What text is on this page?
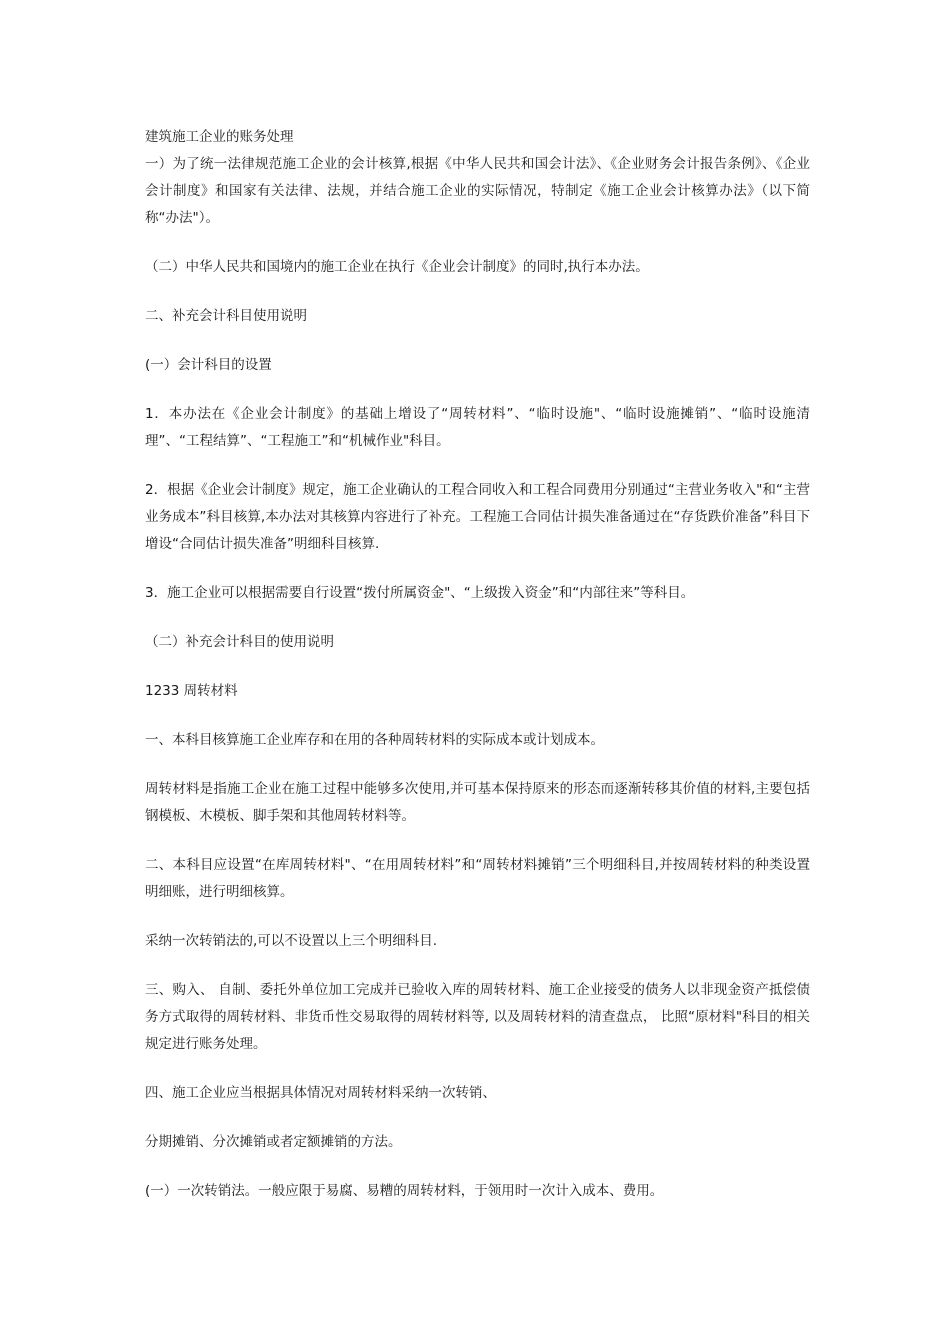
建筑施工企业的账务处理

一）为了统一法律规范施工企业的会计核算,根据《中华人民共和国会计法》、《企业财务会计报告条例》、《企业会计制度》和国家有关法律、法规，并结合施工企业的实际情况，特制定《施工企业会计核算办法》（以下简称“办法"）。

（二）中华人民共和国境内的施工企业在执行《企业会计制度》的同时,执行本办法。

二、补充会计科目使用说明

(一）会计科目的设置

1．本办法在《企业会计制度》的基础上增设了“周转材料”、“临时设施"、“临时设施摊销”、“临时设施清理”、“工程结算”、“工程施工”和“机械作业"科目。

2．根据《企业会计制度》规定，施工企业确认的工程合同收入和工程合同费用分别通过“主营业务收入"和“主营业务成本”科目核算,本办法对其核算内容进行了补充。工程施工合同估计损失准备通过在“存货跌价准备”科目下增设“合同估计损失准备”明细科目核算.

3．施工企业可以根据需要自行设置“拨付所属资金"、“上级拨入资金”和“内部往来”等科目。

（二）补充会计科目的使用说明

1233 周转材料

一、本科目核算施工企业库存和在用的各种周转材料的实际成本或计划成本。

周转材料是指施工企业在施工过程中能够多次使用,并可基本保持原来的形态而逐渐转移其价值的材料,主要包括钢模板、木模板、脚手架和其他周转材料等。

二、本科目应设置“在库周转材料"、“在用周转材料”和“周转材料摊销”三个明细科目,并按周转材料的种类设置明细账，进行明细核算。

采纳一次转销法的,可以不设置以上三个明细科目.

三、购入、 自制、委托外单位加工完成并已验收入库的周转材料、施工企业接受的债务人以非现金资产抵偿债务方式取得的周转材料、非货币性交易取得的周转材料等, 以及周转材料的清查盘点， 比照“原材料"科目的相关规定进行账务处理。

四、施工企业应当根据具体情况对周转材料采纳一次转销、

分期摊销、分次摊销或者定额摊销的方法。

(一）一次转销法。一般应限于易腐、易糟的周转材料，于领用时一次计入成本、费用。
